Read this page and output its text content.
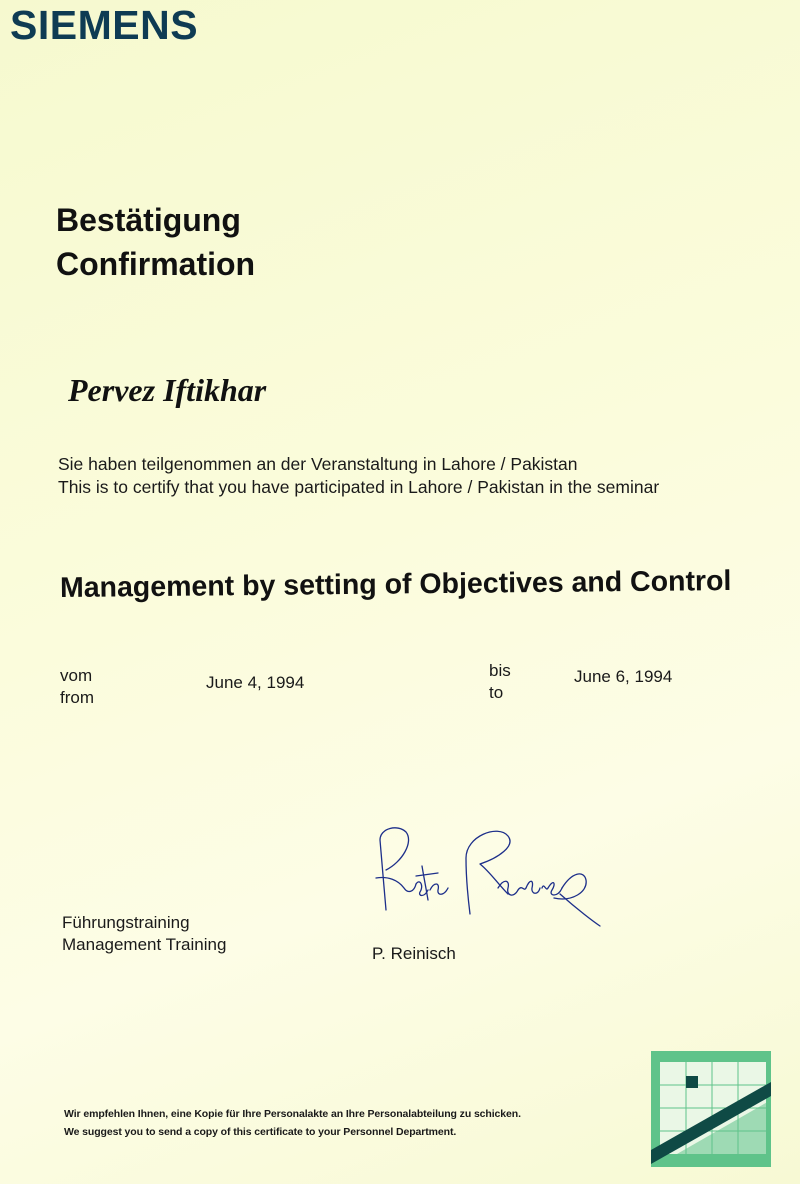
SIEMENS
Bestätigung
Confirmation
Pervez Iftikhar
Sie haben teilgenommen an der Veranstaltung in Lahore / Pakistan
This is to certify that you have participated in Lahore / Pakistan in the seminar
Management by setting of Objectives and Control
vom
from
June 4, 1994
bis
to
June 6, 1994
Führungstraining
Management Training	P. Reinisch
Wir empfehlen Ihnen, eine Kopie für Ihre Personalakte an Ihre Personalabteilung zu schicken.
We suggest you to send a copy of this certificate to your Personnel Department.
